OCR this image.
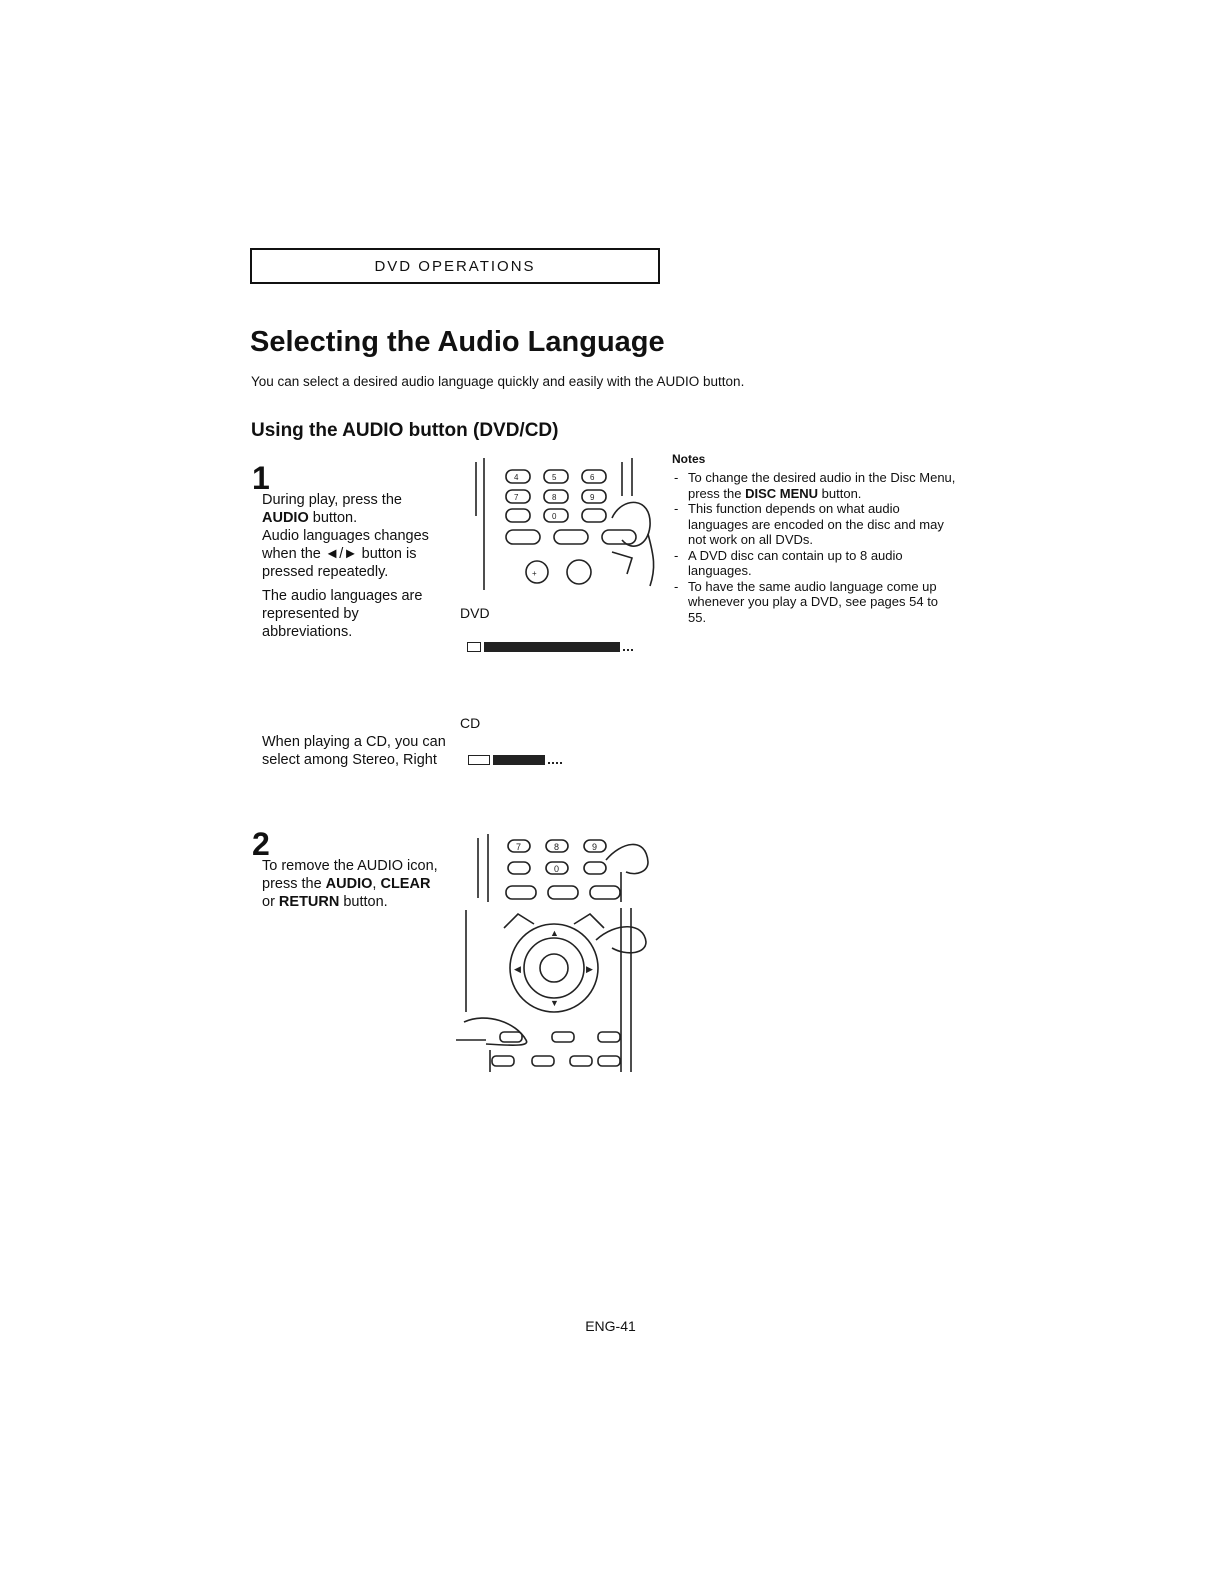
DVD OPERATIONS
Selecting the Audio Language
You can select a desired audio language quickly and easily with the AUDIO button.
Using the AUDIO button (DVD/CD)
1

During play, press the

AUDIO button.

Audio languages changes when the ◄/► button is pressed repeatedly.

The audio languages are represented by abbreviations.

When playing a CD, you can select among Stereo, Right
4	5	6
7	8	9
0
+
DVD
CD
2
To remove the AUDIO icon, press the AUDIO, CLEAR or RETURN button.
7	8	9
0
▲
▼
◀	▶
Notes
- To change the desired audio in the Disc Menu, press the DISC MENU button.
- This function depends on what audio languages are encoded on the disc and may not work on all DVDs.
- A DVD disc can contain up to 8 audio languages.
- To have the same audio language come up whenever you play a DVD, see pages 54 to 55.
ENG-41
